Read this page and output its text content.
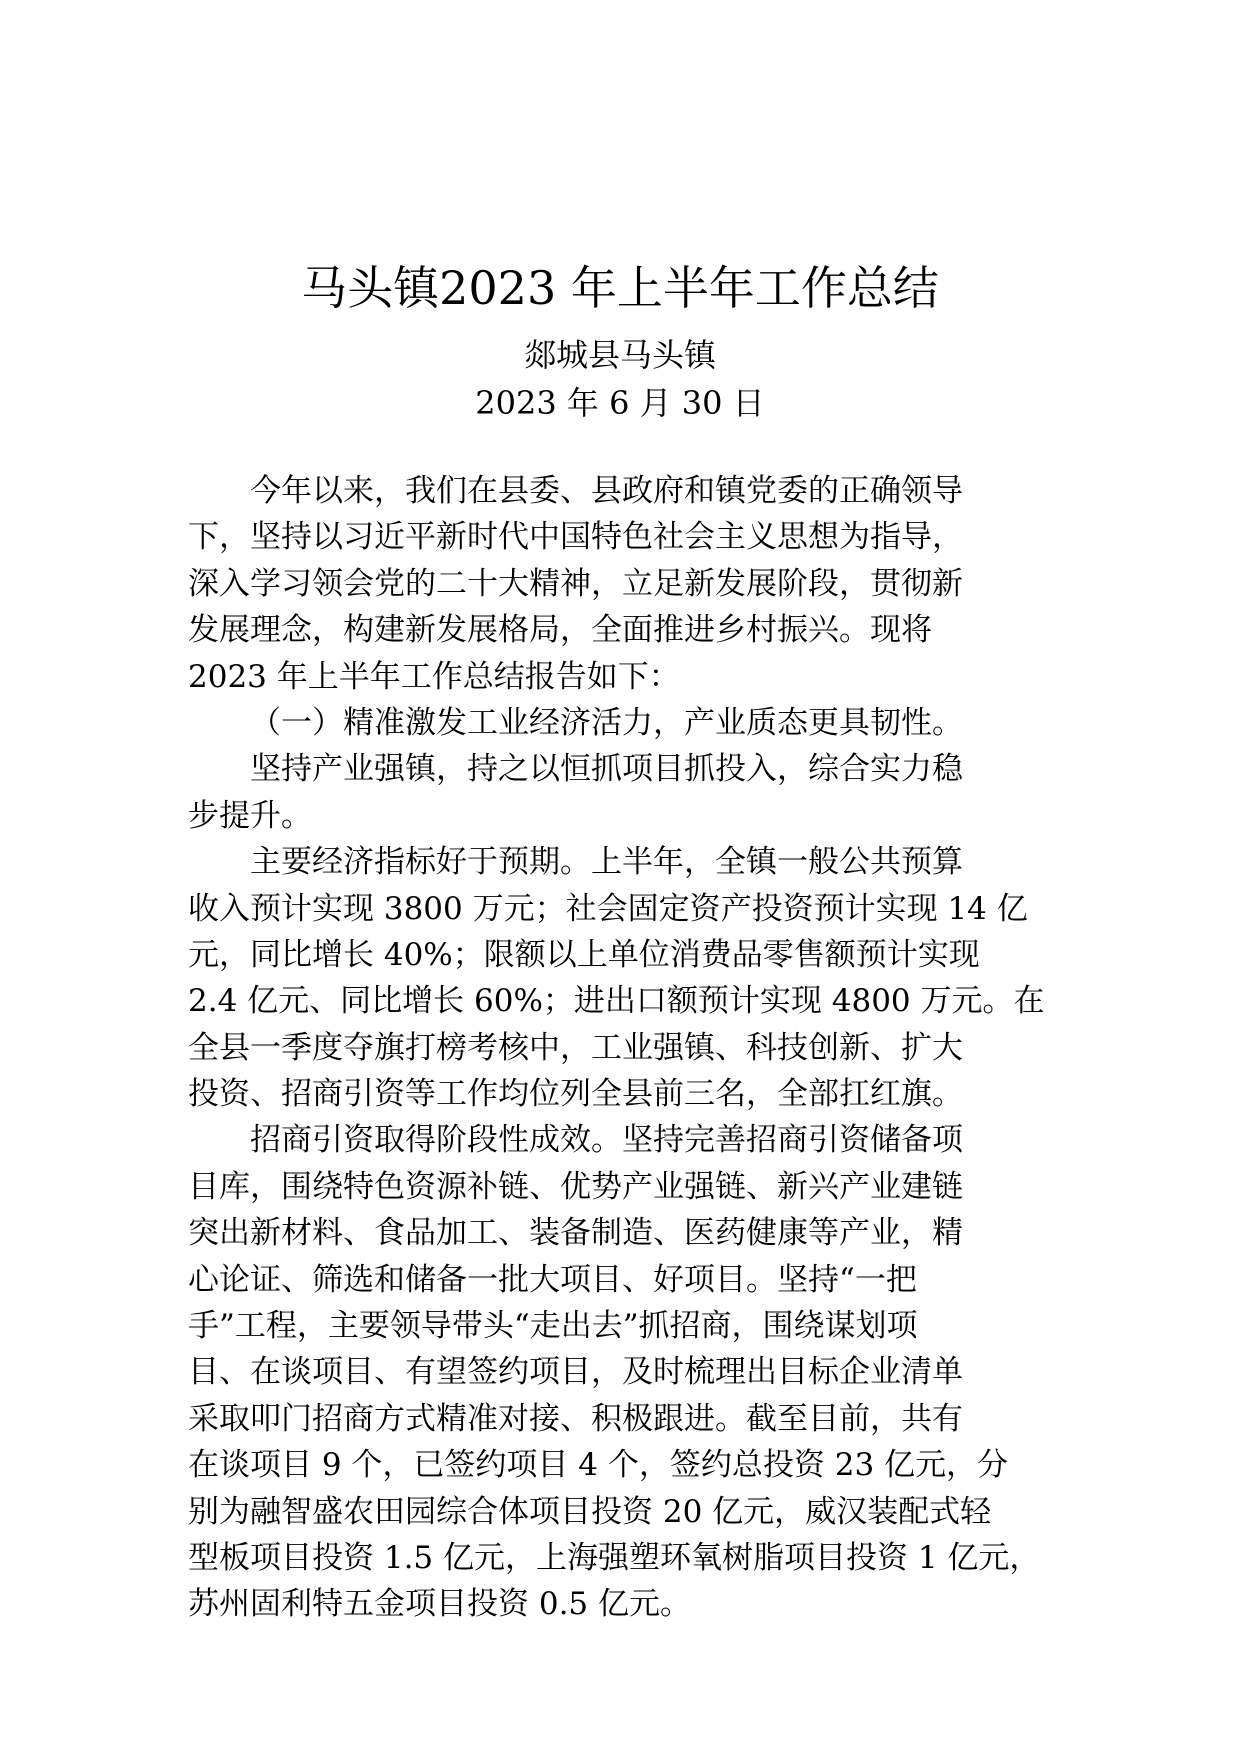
马头镇2023 年上半年工作总结
郯城县马头镇
2023 年 6 月 30 日
今年以来，我们在县委、县政府和镇党委的正确领导
下，坚持以习近平新时代中国特色社会主义思想为指导，
深入学习领会党的二十大精神，立足新发展阶段，贯彻新
发展理念，构建新发展格局，全面推进乡村振兴。现将
2023 年上半年工作总结报告如下：
（一）精准激发工业经济活力，产业质态更具韧性。
坚持产业强镇，持之以恒抓项目抓投入，综合实力稳
步提升。
主要经济指标好于预期。上半年，全镇一般公共预算
收入预计实现 3800 万元；社会固定资产投资预计实现 14 亿
元，同比增长 40%；限额以上单位消费品零售额预计实现
2.4 亿元、同比增长 60%；进出口额预计实现 4800 万元。在
全县一季度夺旗打榜考核中，工业强镇、科技创新、扩大
投资、招商引资等工作均位列全县前三名，全部扛红旗。
招商引资取得阶段性成效。坚持完善招商引资储备项
目库，围绕特色资源补链、优势产业强链、新兴产业建链
突出新材料、食品加工、装备制造、医药健康等产业，精
心论证、筛选和储备一批大项目、好项目。坚持“一把
手”工程，主要领导带头“走出去”抓招商，围绕谋划项
目、在谈项目、有望签约项目，及时梳理出目标企业清单
采取叩门招商方式精准对接、积极跟进。截至目前，共有
在谈项目 9 个，已签约项目 4 个，签约总投资 23 亿元，分
别为融智盛农田园综合体项目投资 20 亿元，威汉装配式轻
型板项目投资 1.5 亿元，上海强塑环氧树脂项目投资 1 亿元，
苏州固利特五金项目投资 0.5 亿元。
